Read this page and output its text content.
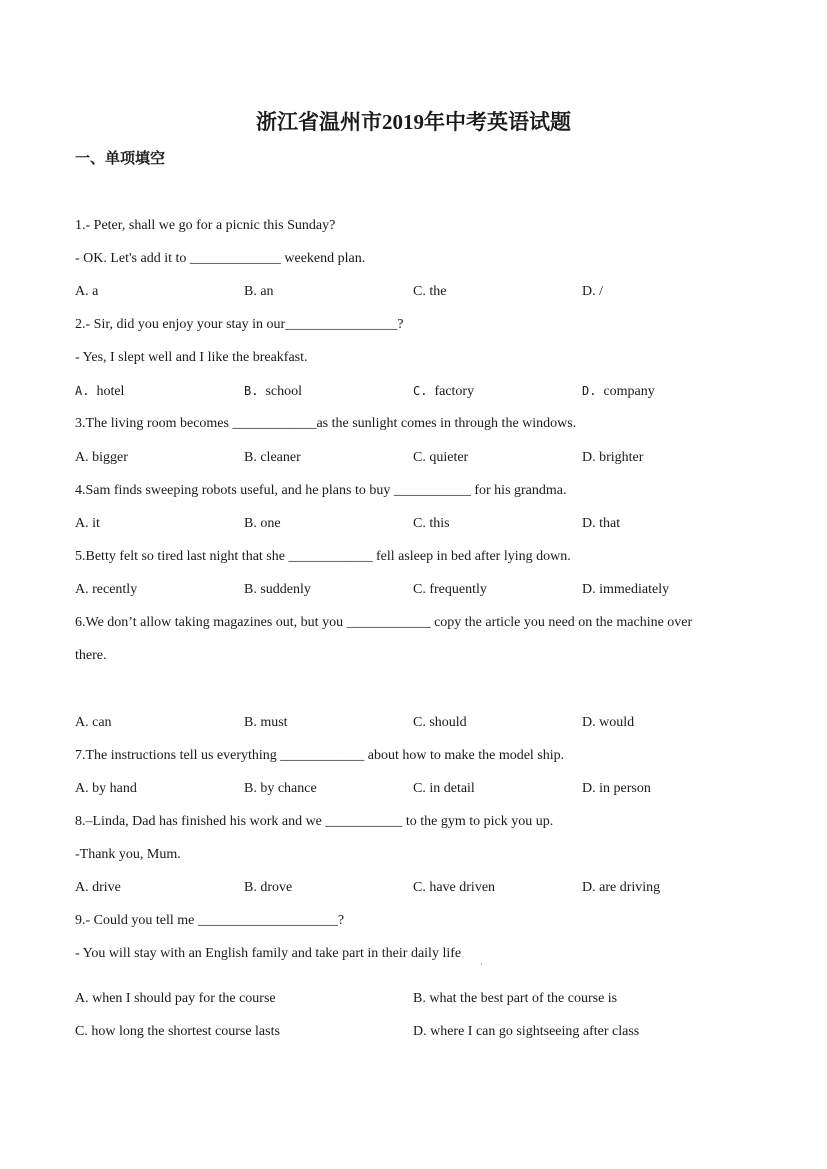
浙江省温州市2019年中考英语试题
一、单项填空

1.- Peter, shall we go for a picnic this Sunday?

- OK. Let's add it to _____________ weekend plan.

A. a	B. an	C. the	D. /

2.- Sir, did you enjoy your stay in our________________?

- Yes, I slept well and I like the breakfast.

A. hotel	B. school	C. factory	D. company

3.The living room becomes ____________as the sunlight comes in through the windows.

A. bigger	B. cleaner	C. quieter	D. brighter

4.Sam finds sweeping robots useful, and he plans to buy ___________ for his grandma.

A. it	B. one	C. this	D. that

5.Betty felt so tired last night that she ____________ fell asleep in bed after lying down.

A. recently	B. suddenly	C. frequently	D. immediately

6.We don’t allow taking magazines out, but you ____________ copy the article you need on the machine over

there.

A. can	B. must	C. should	D. would

7.The instructions tell us everything ____________ about how to make the model ship.

A. by hand	B. by chance	C. in detail	D. in person

8.–Linda, Dad has finished his work and we ___________ to the gym to pick you up.

-Thank you, Mum.

A. drive	B. drove	C. have driven	D. are driving

9.- Could you tell me ____________________?

- You will stay with an English family and take part in their daily life

'
A. when I should pay for the course	B. what the best part of the course is
C. how long the shortest course lasts	D. where I can go sightseeing after class
